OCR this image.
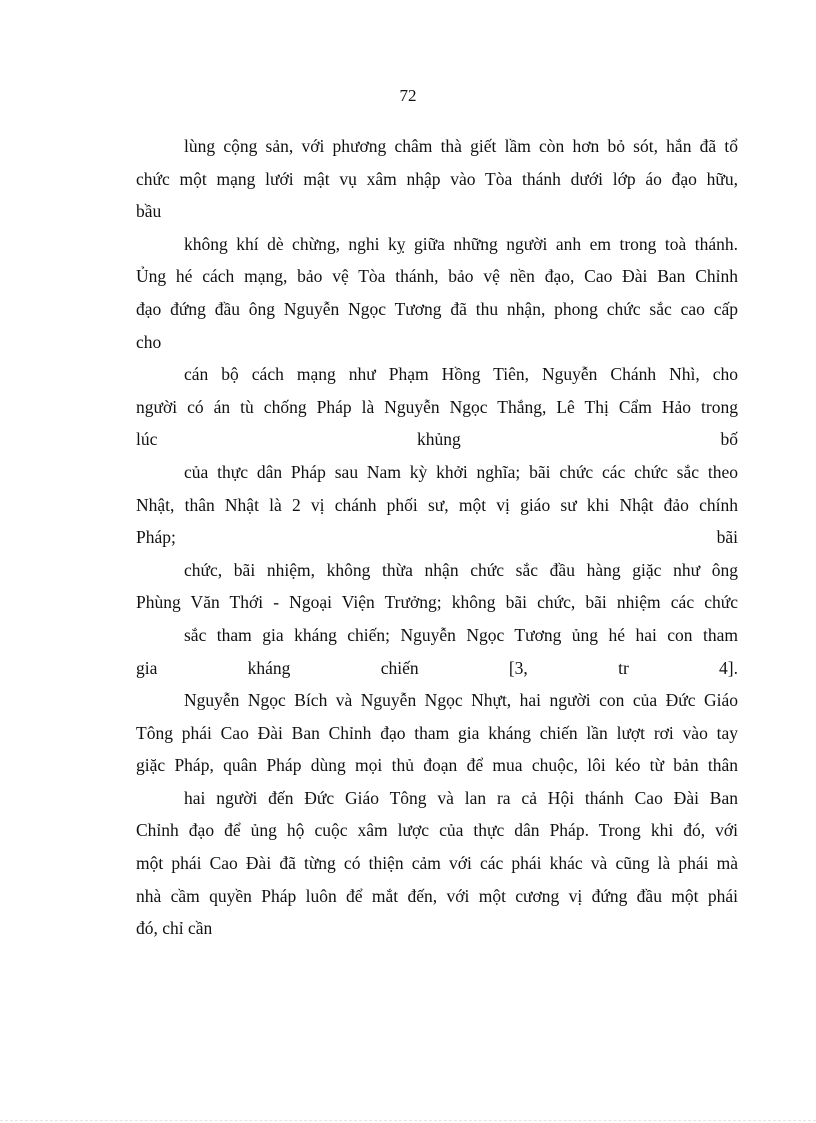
72
lùng cộng sản, với phương châm thà giết lầm còn hơn bỏ sót, hắn đã tổ
chức một mạng lưới mật vụ xâm nhập vào Tòa thánh dưới lớp áo đạo hữu,
bầu
không khí dè chừng, nghi kỵ giữa những người anh em trong toà thánh.
Ủng hé cách mạng, bảo vệ Tòa thánh, bảo vệ nền đạo, Cao Đài Ban Chỉnh
đạo đứng đầu ông Nguyễn Ngọc Tương đã thu nhận, phong chức sắc cao cấp
cho
cán bộ cách mạng như Phạm Hồng Tiên, Nguyễn Chánh Nhì, cho
người có án tù chống Pháp là Nguyễn Ngọc Thắng, Lê Thị Cẩm Hảo trong
lúc khủng bố
của thực dân Pháp sau Nam kỳ khởi nghĩa; bãi chức các chức sắc theo
Nhật, thân Nhật là 2 vị chánh phối sư, một vị giáo sư khi Nhật đảo chính
Pháp; bãi
chức, bãi nhiệm, không thừa nhận chức sắc đầu hàng giặc như ông
Phùng Văn Thới - Ngoại Viện Trưởng; không bãi chức, bãi nhiệm các chức
sắc tham gia kháng chiến; Nguyễn Ngọc Tương ủng hé hai con tham
gia kháng chiến [3, tr 4].
Nguyễn Ngọc Bích và Nguyễn Ngọc Nhựt, hai người con của Đức Giáo
Tông phái Cao Đài Ban Chỉnh đạo tham gia kháng chiến lần lượt rơi vào tay
giặc Pháp, quân Pháp dùng mọi thủ đoạn để mua chuộc, lôi kéo từ bản thân
hai người đến Đức Giáo Tông và lan ra cả Hội thánh Cao Đài Ban
Chỉnh đạo để ủng hộ cuộc xâm lược của thực dân Pháp. Trong khi đó, với
một phái Cao Đài đã từng có thiện cảm với các phái khác và cũng là phái mà
nhà cầm quyền Pháp luôn để mắt đến, với một cương vị đứng đầu một phái
đó, chỉ cần
